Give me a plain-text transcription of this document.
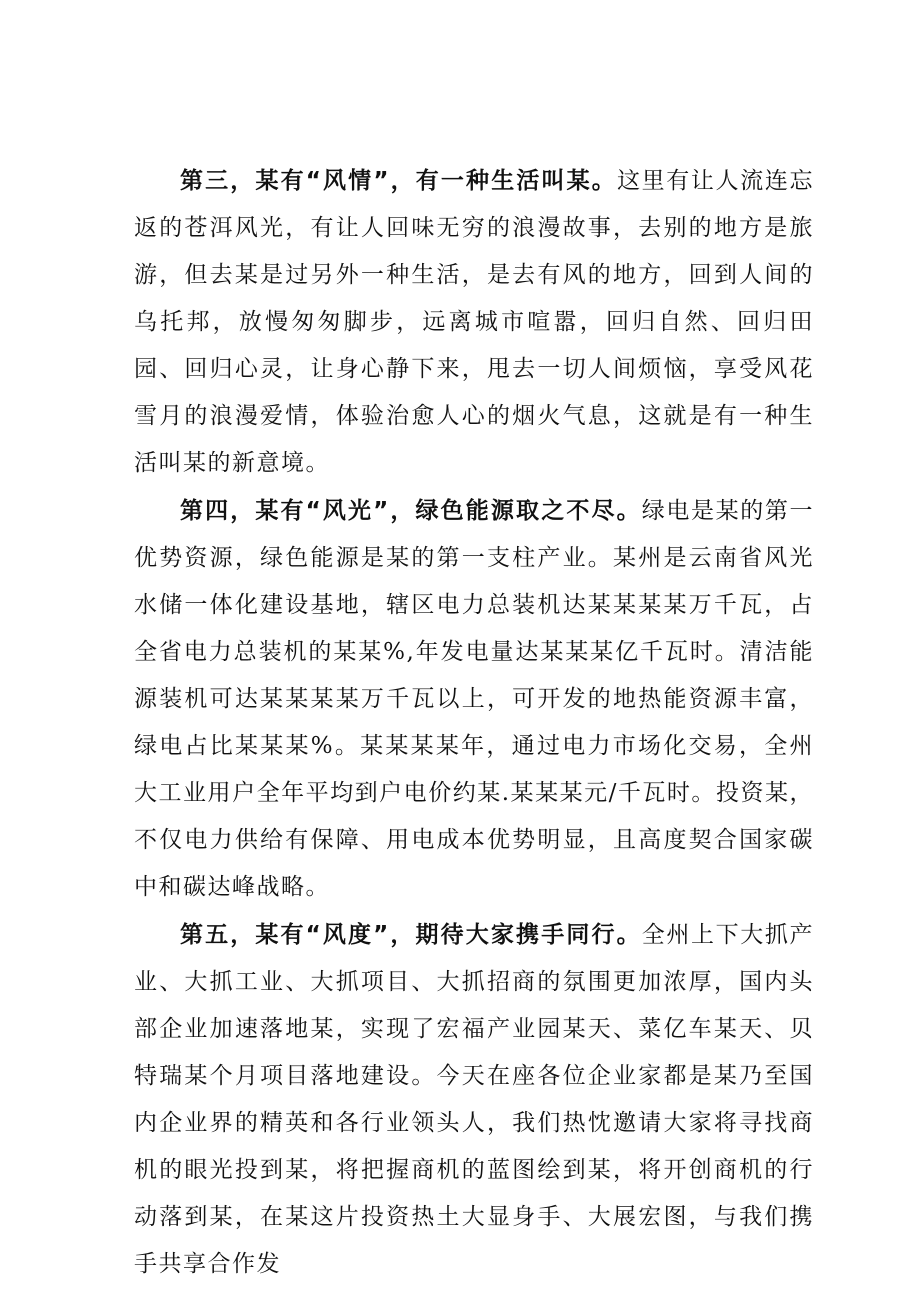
第三，某有“风情”，有一种生活叫某。这里有让人流连忘返的苍洱风光，有让人回味无穷的浪漫故事，去别的地方是旅游，但去某是过另外一种生活，是去有风的地方，回到人间的乌托邦，放慢匆匆脚步，远离城市喧嚣，回归自然、回归田园、回归心灵，让身心静下来，甩去一切人间烦恼，享受风花雪月的浪漫爱情，体验治愈人心的烟火气息，这就是有一种生活叫某的新意境。

第四，某有“风光”，绿色能源取之不尽。绿电是某的第一优势资源，绿色能源是某的第一支柱产业。某州是云南省风光水储一体化建设基地，辖区电力总装机达某某某某万千瓦，占全省电力总装机的某某%,年发电量达某某某亿千瓦时。清洁能源装机可达某某某某万千瓦以上，可开发的地热能资源丰富，绿电占比某某某%。某某某某年，通过电力市场化交易，全州大工业用户全年平均到户电价约某.某某某元/千瓦时。投资某，不仅电力供给有保障、用电成本优势明显，且高度契合国家碳中和碳达峰战略。

第五，某有“风度”，期待大家携手同行。全州上下大抓产业、大抓工业、大抓项目、大抓招商的氛围更加浓厚，国内头部企业加速落地某，实现了宏福产业园某天、菜亿车某天、贝特瑞某个月项目落地建设。今天在座各位企业家都是某乃至国内企业界的精英和各行业领头人，我们热忱邀请大家将寻找商机的眼光投到某，将把握商机的蓝图绘到某，将开创商机的行动落到某，在某这片投资热土大显身手、大展宏图，与我们携手共享合作发
